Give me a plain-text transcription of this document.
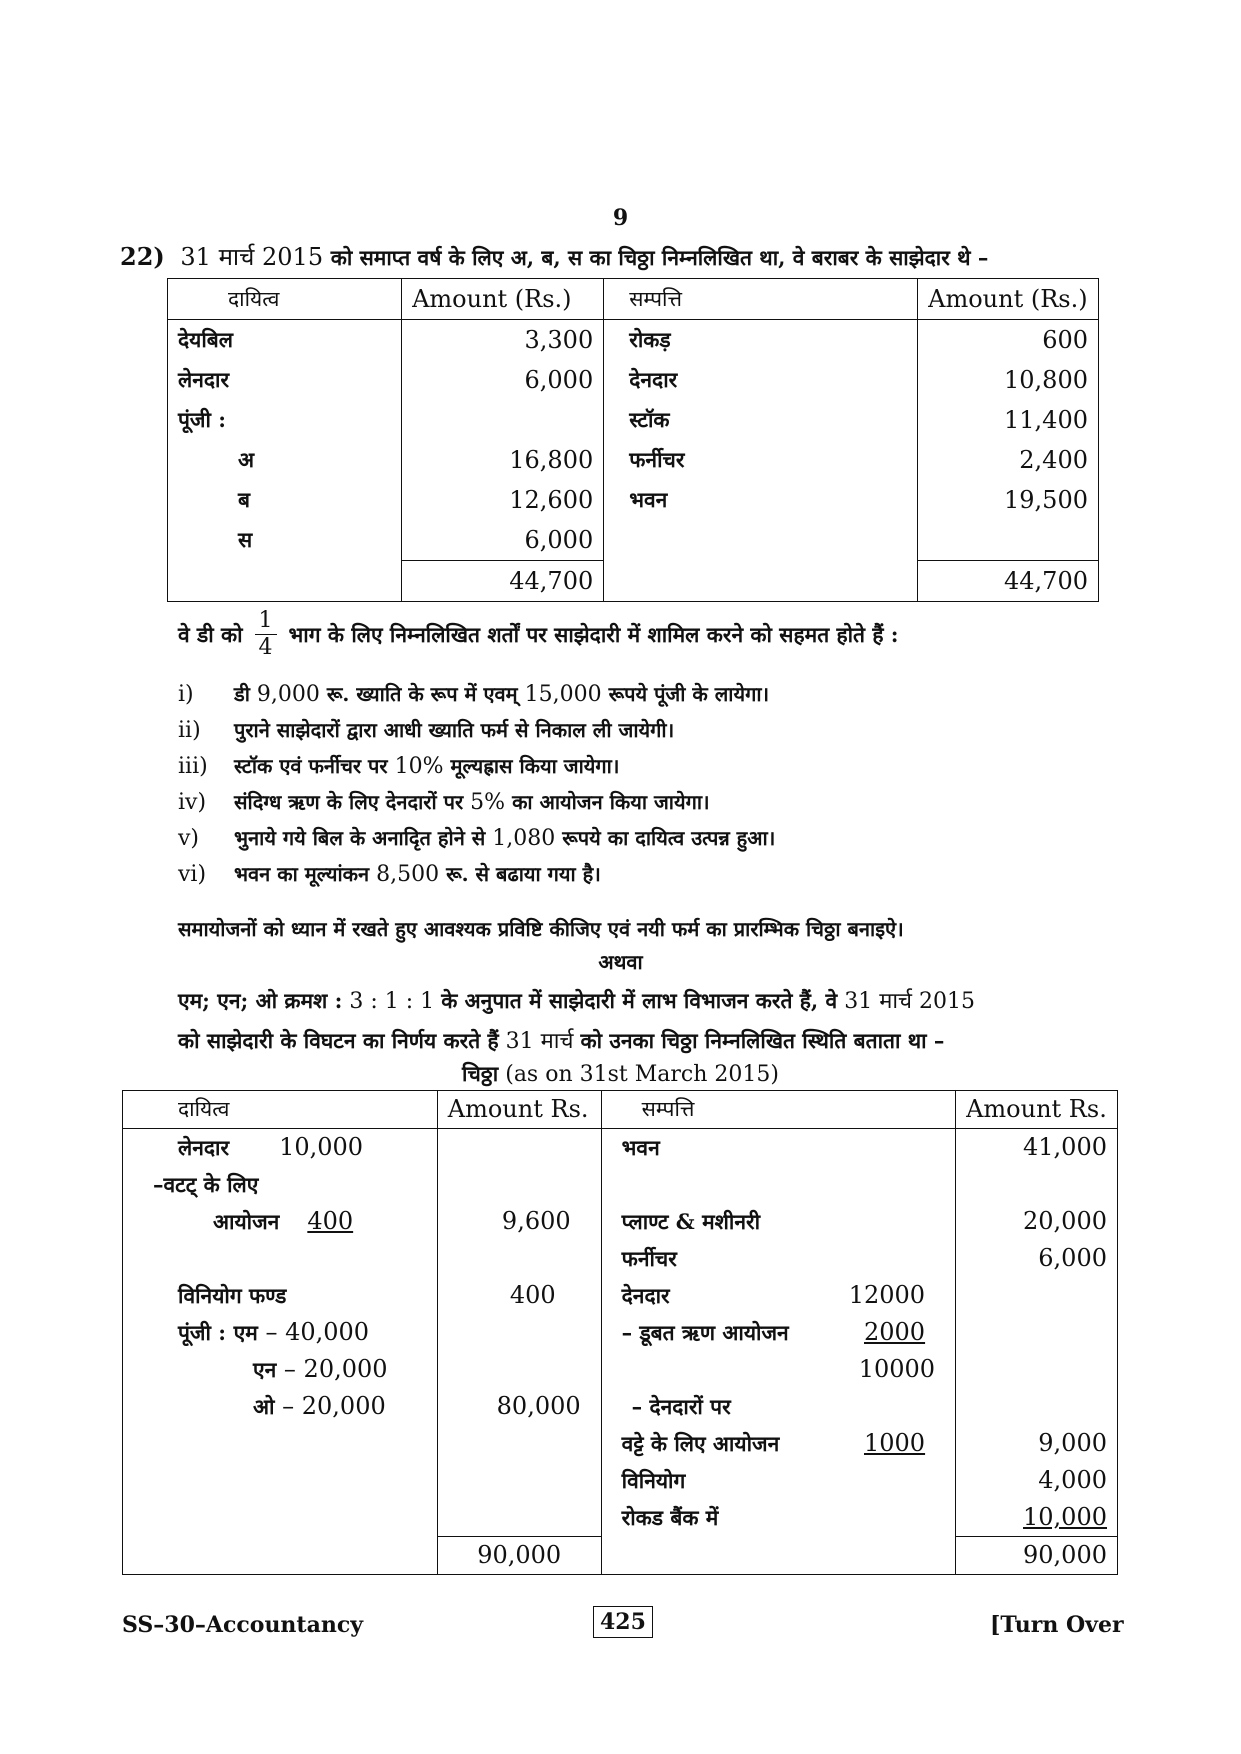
9
22) 31 मार्च 2015 को समाप्त वर्ष के लिए अ, ब, स का चिठ्ठा निम्नलिखित था, वे बराबर के साझेदार थे –
दायित्व	Amount (Rs.)	सम्पत्ति	Amount (Rs.)
देयबिल	3,300	रोकड़	600
लेनदार	6,000	देनदार	10,800
पूंजी :		स्टॉक	11,400
अ	16,800	फर्नीचर	2,400
ब	12,600	भवन	19,500
स	6,000		
	44,700		44,700
वे डी को $\frac{1}{4}$ भाग के लिए निम्नलिखित शर्तों पर साझेदारी में शामिल करने को सहमत होते हैं :
i) डी 9,000 रू. ख्याति के रूप में एवम् 15,000 रूपये पूंजी के लायेगा।
ii) पुराने साझेदारों द्वारा आधी ख्याति फर्म से निकाल ली जायेगी।
iii) स्टॉक एवं फर्नीचर पर 10% मूल्यह्रास किया जायेगा।
iv) संदिग्ध ऋण के लिए देनदारों पर 5% का आयोजन किया जायेगा।
v) भुनाये गये बिल के अनादृित होने से 1,080 रूपये का दायित्व उत्पन्न हुआ।
vi) भवन का मूल्यांकन 8,500 रू. से बढाया गया है।
समायोजनों को ध्यान में रखते हुए आवश्यक प्रविष्टि कीजिए एवं नयी फर्म का प्रारम्भिक चिठ्ठा बनाइऐ।
अथवा
एम; एन; ओ क्रमश : 3 : 1 : 1 के अनुपात में साझेदारी में लाभ विभाजन करते हैं, वे 31 मार्च 2015
को साझेदारी के विघटन का निर्णय करते हैं 31 मार्च को उनका चिठ्ठा निम्नलिखित स्थिति बताता था –
चिठ्ठा (as on 31st March 2015)
दायित्व	Amount Rs.	सम्पत्ति	Amount Rs.
लेनदार 10,000		भवन	41,000
–वटट् के लिए			
आयोजन 400	9,600	प्लाण्ट & मशीनरी	20,000
		फर्नीचर	6,000
विनियोग फण्ड	400	देनदार 12000	

पूंजी : एम – 40,000		– डूबत ऋण आयोजन 2000	

एन – 20,000		10000	
ओ – 20,000	80,000	– देनदारों पर	
		वट्टे के लिए आयोजन 1000	9,000
		विनियोग	4,000
		रोकड बैंक में	10,000
	90,000		90,000
SS–30–Accountancy	425	[Turn Over
